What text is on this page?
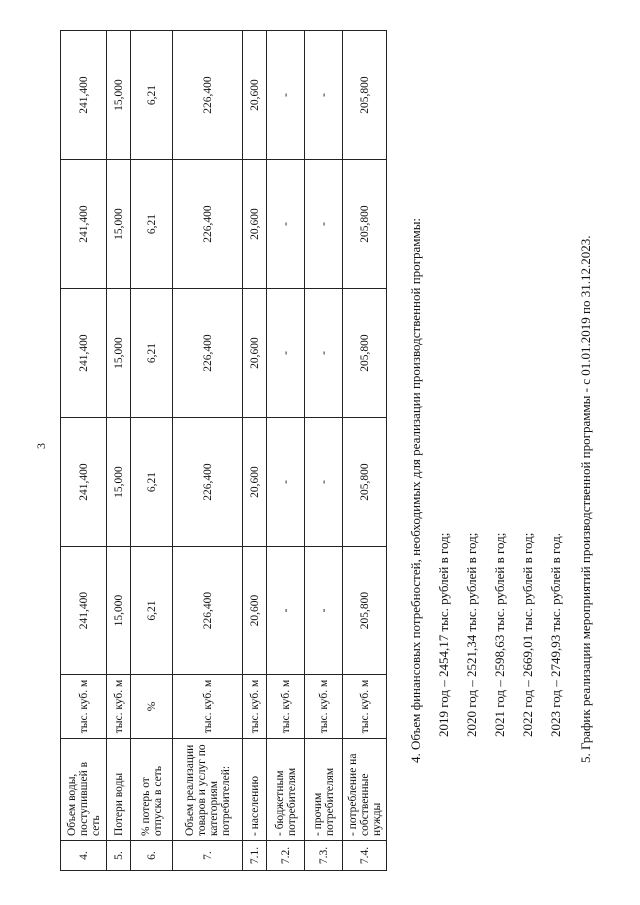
3
4.	Объем воды, поступившей в сеть	тыс. куб. м	241,400	241,400	241,400	241,400	241,400
5.	Потери воды	тыс. куб. м	15,000	15,000	15,000	15,000	15,000
6.	% потерь от отпуска в сеть	%	6,21	6,21	6,21	6,21	6,21
7.	Объем реализации товаров и услуг по категориям потребителей:	тыс. куб. м	226,400	226,400	226,400	226,400	226,400
7.1.	- населению	тыс. куб. м	20,600	20,600	20,600	20,600	20,600
7.2.	- бюджетным потребителям	тыс. куб. м	-	-	-	-	-
7.3.	- прочим потребителям	тыс. куб. м	-	-	-	-	-
7.4.	- потребление на собственные нужды	тыс. куб. м	205,800	205,800	205,800	205,800	205,800

4. Объем финансовых потребностей, необходимых для реализации производственной программы:	2019 год – 2454,17 тыс. рублей в год;	2020 год – 2521,34 тыс. рублей в год;	2021 год – 2598,63 тыс. рублей в год;	2022 год – 2669,01 тыс. рублей в год;	2023 год – 2749,93 тыс. рублей в год.	5. График реализации мероприятий производственной программы - с 01.01.2019 по 31.12.2023.
